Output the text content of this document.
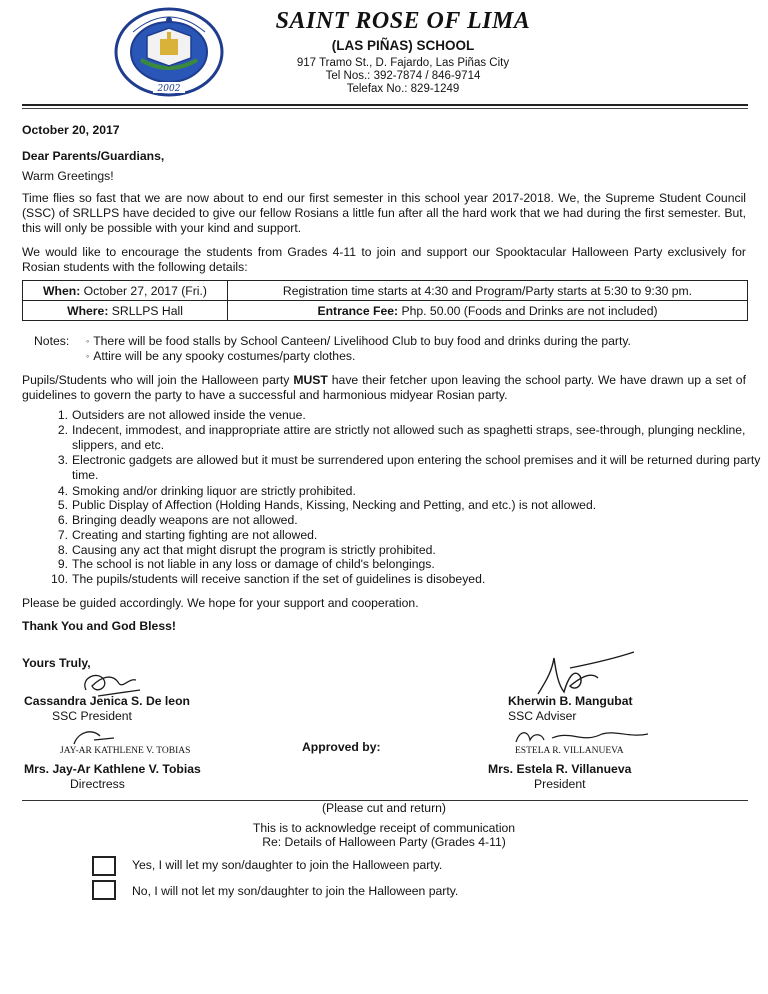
2002
SAINT ROSE OF LIMA
(LAS PIÑAS) SCHOOL
917 Tramo St., D. Fajardo, Las Piñas City
Tel Nos.: 392-7874 / 846-9714
Telefax No.: 829-1249
October 20, 2017
Dear Parents/Guardians,
Warm Greetings!
Time flies so fast that we are now about to end our first semester in this school year 2017-2018. We, the Supreme Student Council (SSC) of SRLLPS have decided to give our fellow Rosians a little fun after all the hard work that we had during the first semester. But, this will only be possible with your kind and support.
We would like to encourage the students from Grades 4-11 to join and support our Spooktacular Halloween Party exclusively for Rosian students with the following details:
When: October 27, 2017 (Fri.)	Registration time starts at 4:30 and Program/Party starts at 5:30 to 9:30 pm.
Where: SRLLPS Hall	Entrance Fee: Php. 50.00 (Foods and Drinks are not included)
Notes: ◦ There will be food stalls by School Canteen/ Livelihood Club to buy food and drinks during the party.
◦ Attire will be any spooky costumes/party clothes.
Pupils/Students who will join the Halloween party MUST have their fetcher upon leaving the school party. We have drawn up a set of guidelines to govern the party to have a successful and harmonious midyear Rosian party.
1. Outsiders are not allowed inside the venue.
2. Indecent, immodest, and inappropriate attire are strictly not allowed such as spaghetti straps, see-through, plunging neckline, slippers, and etc.
3. Electronic gadgets are allowed but it must be surrendered upon entering the school premises and it will be returned during party time.
4. Smoking and/or drinking liquor are strictly prohibited.
5. Public Display of Affection (Holding Hands, Kissing, Necking and Petting, and etc.) is not allowed.
6. Bringing deadly weapons are not allowed.
7. Creating and starting fighting are not allowed.
8. Causing any act that might disrupt the program is strictly prohibited.
9. The school is not liable in any loss or damage of child's belongings.
10. The pupils/students will receive sanction if the set of guidelines is disobeyed.
Please be guided accordingly. We hope for your support and cooperation.
Thank You and God Bless!
Yours Truly,
Cassandra Jenica S. De leon
SSC President
Kherwin B. Mangubat
SSC Adviser
Approved by:
JAY-AR KATHLENE V. TOBIAS
Mrs. Jay-Ar Kathlene V. Tobias
Directress
ESTELA R. VILLANUEVA
Mrs. Estela R. Villanueva
President
(Please cut and return)
This is to acknowledge receipt of communication
Re: Details of Halloween Party (Grades 4-11)
Yes, I will let my son/daughter to join the Halloween party.
No, I will not let my son/daughter to join the Halloween party.
